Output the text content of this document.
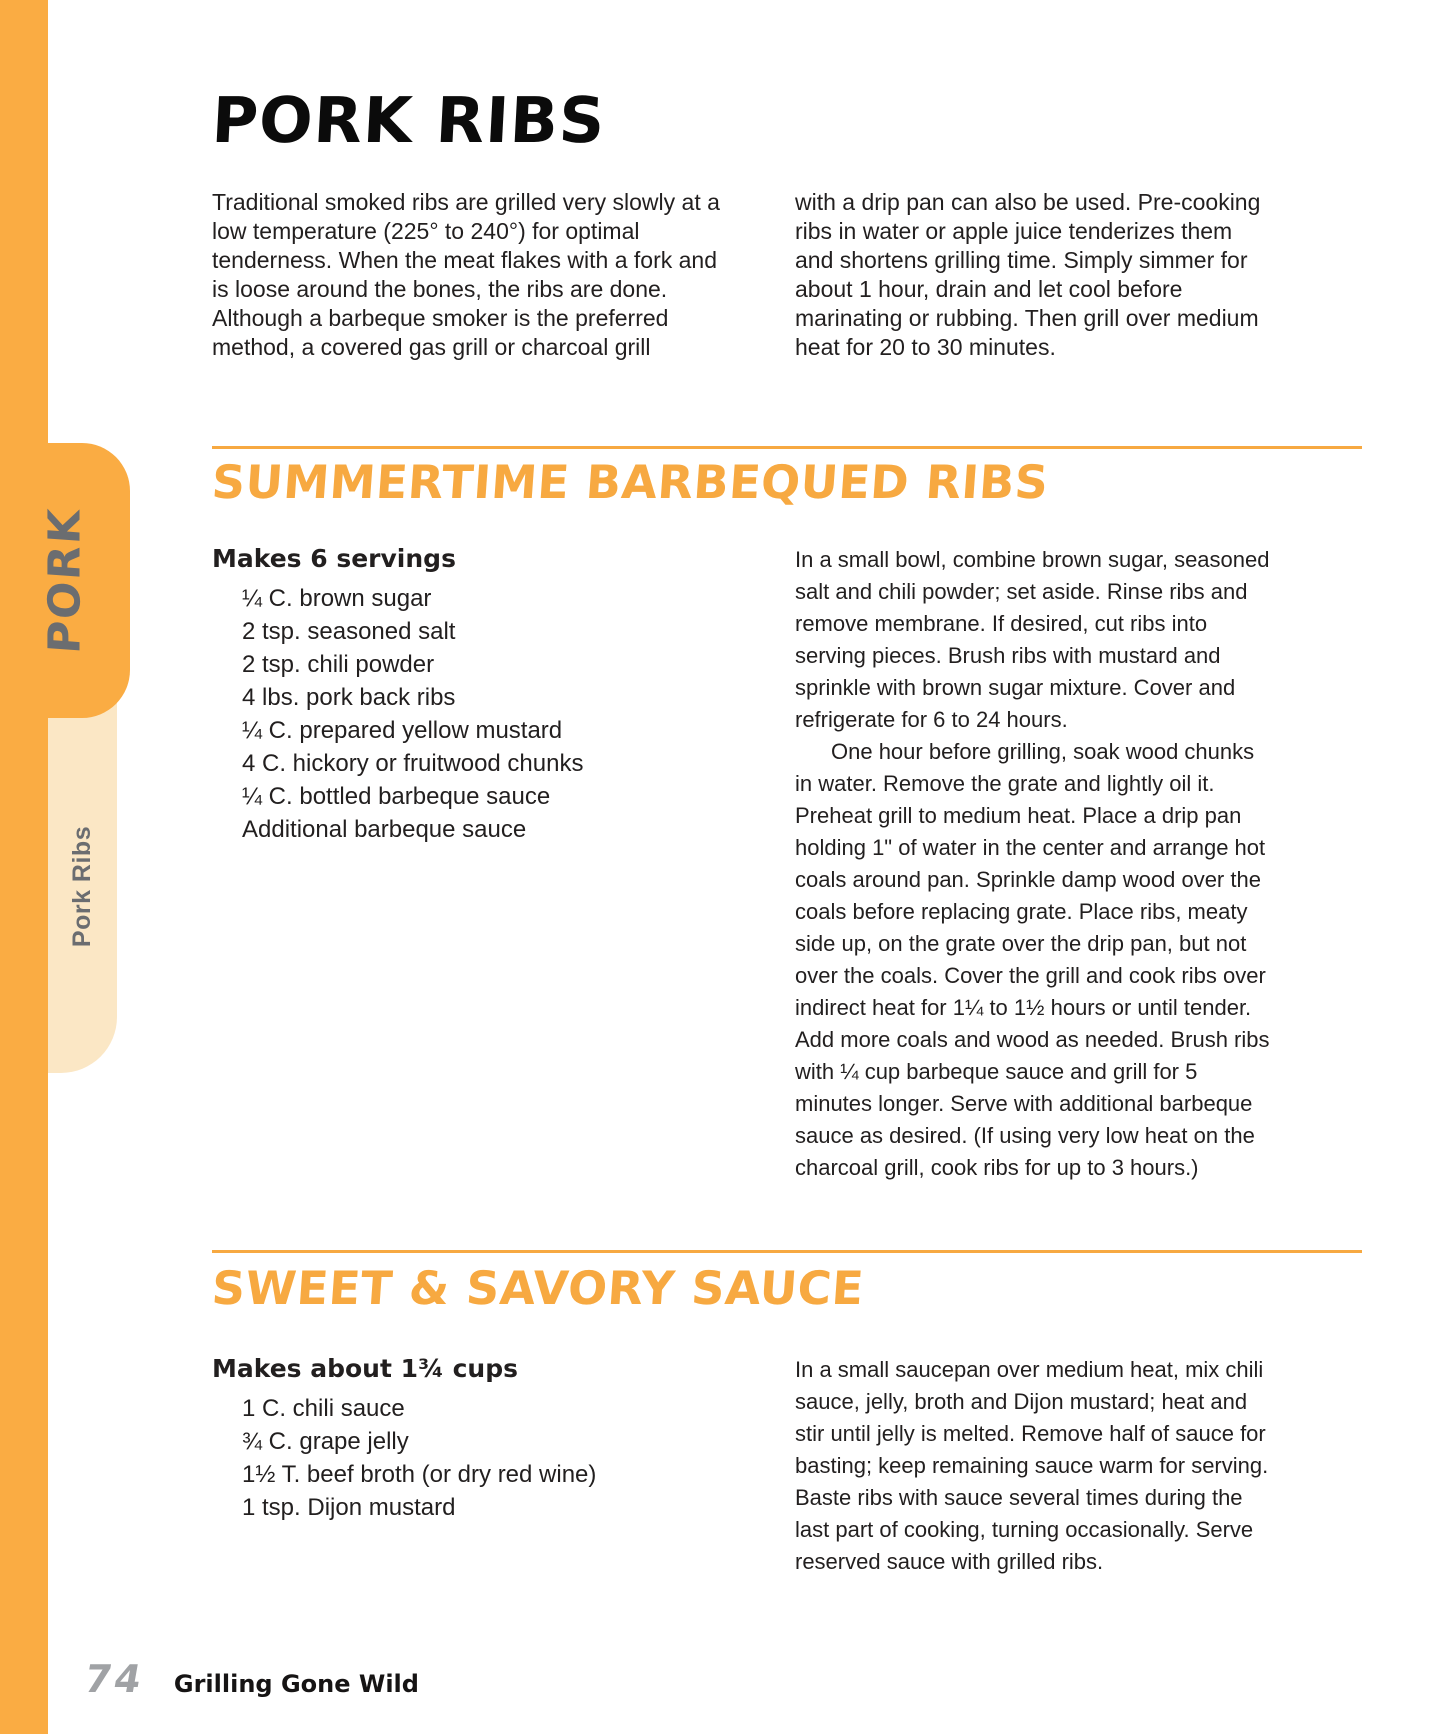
Pork Ribs
PORK
PORK RIBS
Traditional smoked ribs are grilled very slowly at a low temperature (225° to 240°) for optimal tenderness. When the meat flakes with a fork and is loose around the bones, the ribs are done. Although a barbeque smoker is the preferred method, a covered gas grill or charcoal grill
with a drip pan can also be used. Pre-cooking ribs in water or apple juice tenderizes them and shortens grilling time. Simply simmer for about 1 hour, drain and let cool before marinating or rubbing. Then grill over medium heat for 20 to 30 minutes.
SUMMERTIME BARBEQUED RIBS

Makes 6 servings

¼ C. brown sugar
2 tsp. seasoned salt
2 tsp. chili powder
4 lbs. pork back ribs
¼ C. prepared yellow mustard
4 C. hickory or fruitwood chunks
¼ C. bottled barbeque sauce
Additional barbeque sauce

In a small bowl, combine brown sugar, seasoned salt and chili powder; set aside. Rinse ribs and remove membrane. If desired, cut ribs into serving pieces. Brush ribs with mustard and sprinkle with brown sugar mixture. Cover and refrigerate for 6 to 24 hours.

One hour before grilling, soak wood chunks in water. Remove the grate and lightly oil it. Preheat grill to medium heat. Place a drip pan holding 1" of water in the center and arrange hot coals around pan. Sprinkle damp wood over the coals before replacing grate. Place ribs, meaty side up, on the grate over the drip pan, but not over the coals. Cover the grill and cook ribs over indirect heat for 1¼ to 1½ hours or until tender. Add more coals and wood as needed. Brush ribs with ¼ cup barbeque sauce and grill for 5 minutes longer. Serve with additional barbeque sauce as desired. (If using very low heat on the charcoal grill, cook ribs for up to 3 hours.)

SWEET & SAVORY SAUCE

Makes about 1¾ cups

1 C. chili sauce
¾ C. grape jelly
1½ T. beef broth (or dry red wine)
1 tsp. Dijon mustard

In a small saucepan over medium heat, mix chili sauce, jelly, broth and Dijon mustard; heat and stir until jelly is melted. Remove half of sauce for basting; keep remaining sauce warm for serving. Baste ribs with sauce several times during the last part of cooking, turning occasionally. Serve reserved sauce with grilled ribs.

74 Grilling Gone Wild
